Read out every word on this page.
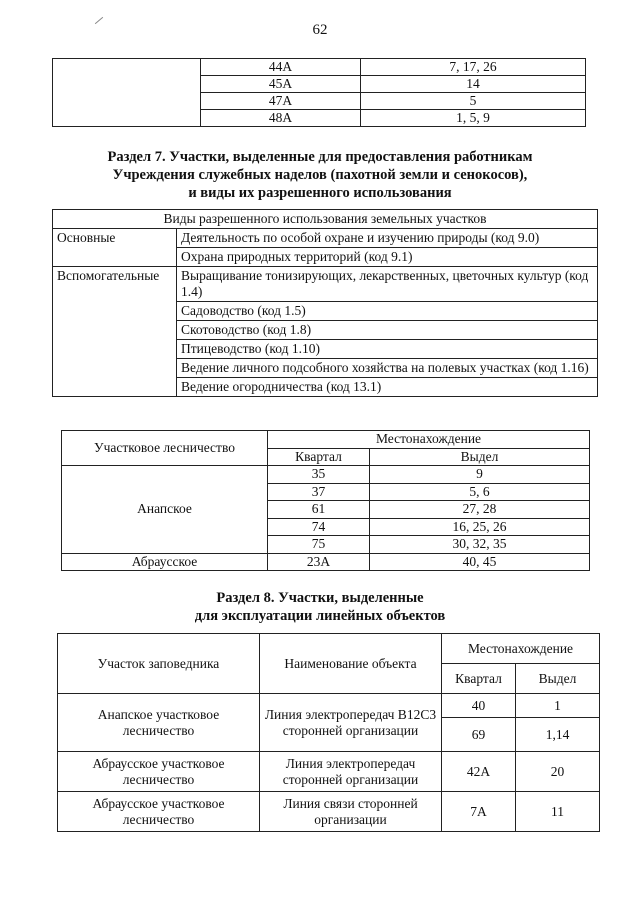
62
	44А	7, 17, 26
	45А	14
	47А	5
	48А	1, 5, 9
Раздел 7. Участки, выделенные для предоставления работникам
Учреждения служебных наделов (пахотной земли и сенокосов),
и виды их разрешенного использования
Виды разрешенного использования земельных участков	
Основные	Деятельность по особой охране и изучению природы (код 9.0)
	Охрана природных территорий (код 9.1)
Вспомогательные	Выращивание тонизирующих, лекарственных, цветочных культур (код 1.4)
	Садоводство (код 1.5)
	Скотоводство (код 1.8)
	Птицеводство (код 1.10)
	Ведение личного подсобного хозяйства на полевых участках (код 1.16)
	Ведение огородничества (код 13.1)
Участковое лесничество	Местонахождение	
	Квартал	Выдел
Анапское	35	9
	37	5, 6
	61	27, 28
	74	16, 25, 26
	75	30, 32, 35
Абраусское	23А	40, 45
Раздел 8. Участки, выделенные
для эксплуатации линейных объектов
Участок заповедника	Наименование объекта	Местонахождение	
		Квартал	Выдел
Анапское участковое лесничество	Линия электропередач В12С3 сторонней организации	40	1
		69	1,14
Абраусское участковое лесничество	Линия электропередач сторонней организации	42А	20
Абраусское участковое лесничество	Линия связи сторонней организации	7А	11
